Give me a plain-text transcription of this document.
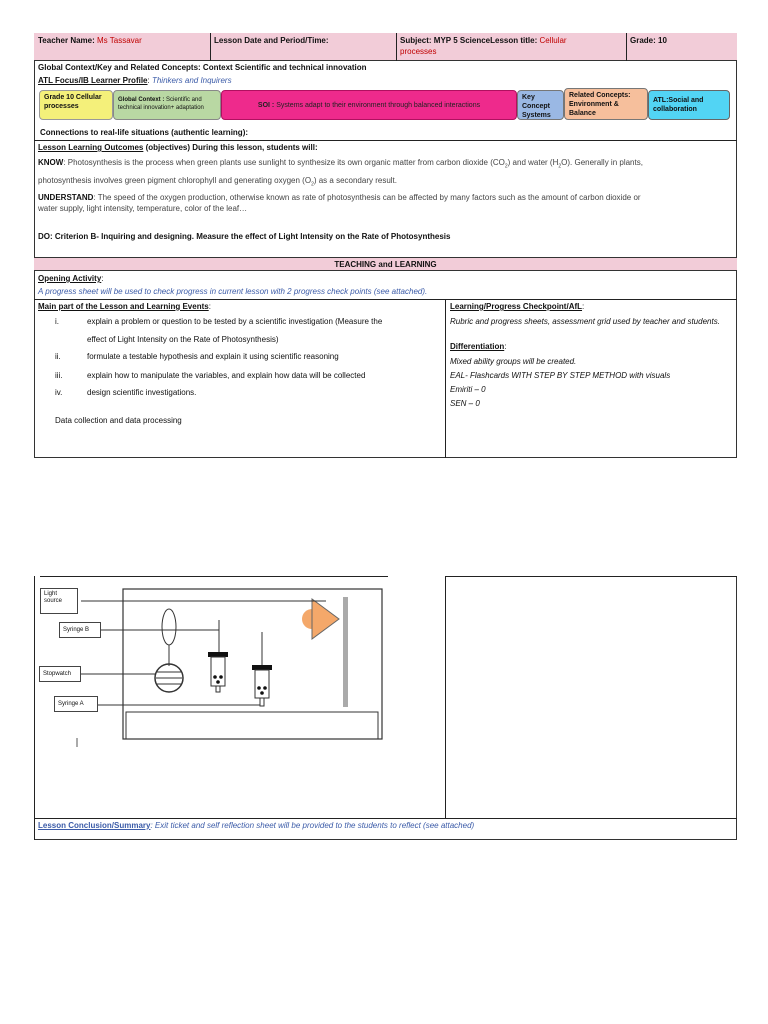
Teacher Name: Ms Tassavar	Lesson Date and Period/Time:	Subject: MYP 5 ScienceLesson title: Cellular
processes
Grade: 10
Global Context/Key and Related Concepts: Context Scientific and technical innovation
ATL Focus/IB Learner Profile: Thinkers and Inquirers
Grade 10 Cellular processes
Global Context : Scientific and technical innovation+ adaptation	SOI : Systems adapt to their environment through balanced interactions
Key Concept Systems
Related Concepts: Environment & Balance
ATL:Social and collaboration
Connections to real-life situations (authentic learning):
Lesson Learning Outcomes (objectives) During this lesson, students will:
KNOW: Photosynthesis is the process when green plants use sunlight to synthesize its own organic matter from carbon dioxide $(CO_2)$ and water $(H_2O)$. Generally in plants,
photosynthesis involves green pigment chlorophyll and generating oxygen $(O_2)$ as a secondary result.
UNDERSTAND: The speed of the oxygen production, otherwise known as rate of photosynthesis can be affected by many factors such as the amount of carbon dioxide or
water supply, light intensity, temperature, color of the leaf…
DO: Criterion B- Inquiring and designing. Measure the effect of Light Intensity on the Rate of Photosynthesis
TEACHING and LEARNING
Opening Activity:
A progress sheet will be used to check progress in current lesson with 2 progress check points (see attached).
Main part of the Lesson and Learning Events:
i.	explain a problem or question to be tested by a scientific investigation (Measure the
effect of Light Intensity on the Rate of Photosynthesis)
ii.	formulate a testable hypothesis and explain it using scientific reasoning
iii.	explain how to manipulate the variables, and explain how data will be collected
iv.	design scientific investigations.
Data collection and data processing
Learning/Progress Checkpoint/AfL:
Rubric and progress sheets, assessment grid used by teacher and students.
Differentiation:
Mixed ability groups will be created.
EAL- Flashcards WITH STEP BY STEP METHOD with visuals
Emiriti – 0
SEN – 0
Light source
Syringe B
Stopwatch
Syringe A
Lesson Conclusion/Summary: Exit ticket and self reflection sheet will be provided to the students to reflect (see attached)
